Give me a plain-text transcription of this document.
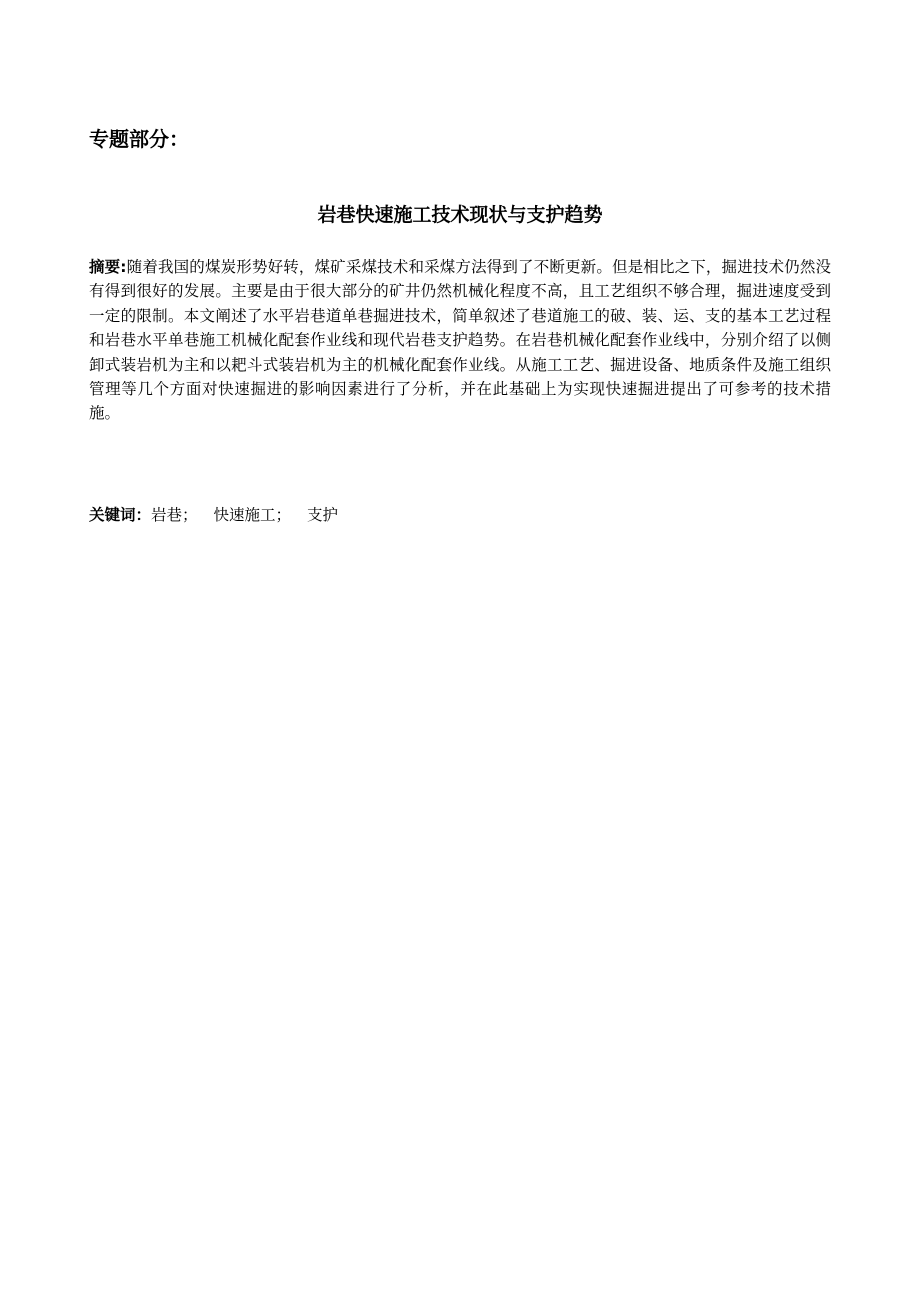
专题部分：
岩巷快速施工技术现状与支护趋势

摘要:随着我国的煤炭形势好转，煤矿采煤技术和采煤方法得到了不断更新。但是相比之下，掘进技术仍然没有得到很好的发展。主要是由于很大部分的矿井仍然机械化程度不高，且工艺组织不够合理，掘进速度受到一定的限制。本文阐述了水平岩巷道单巷掘进技术，简单叙述了巷道施工的破、装、运、支的基本工艺过程和岩巷水平单巷施工机械化配套作业线和现代岩巷支护趋势。在岩巷机械化配套作业线中，分别介绍了以侧卸式装岩机为主和以耙斗式装岩机为主的机械化配套作业线。从施工工艺、掘进设备、地质条件及施工组织管理等几个方面对快速掘进的影响因素进行了分析，并在此基础上为实现快速掘进提出了可参考的技术措施。

关键词：岩巷； 快速施工； 支护
